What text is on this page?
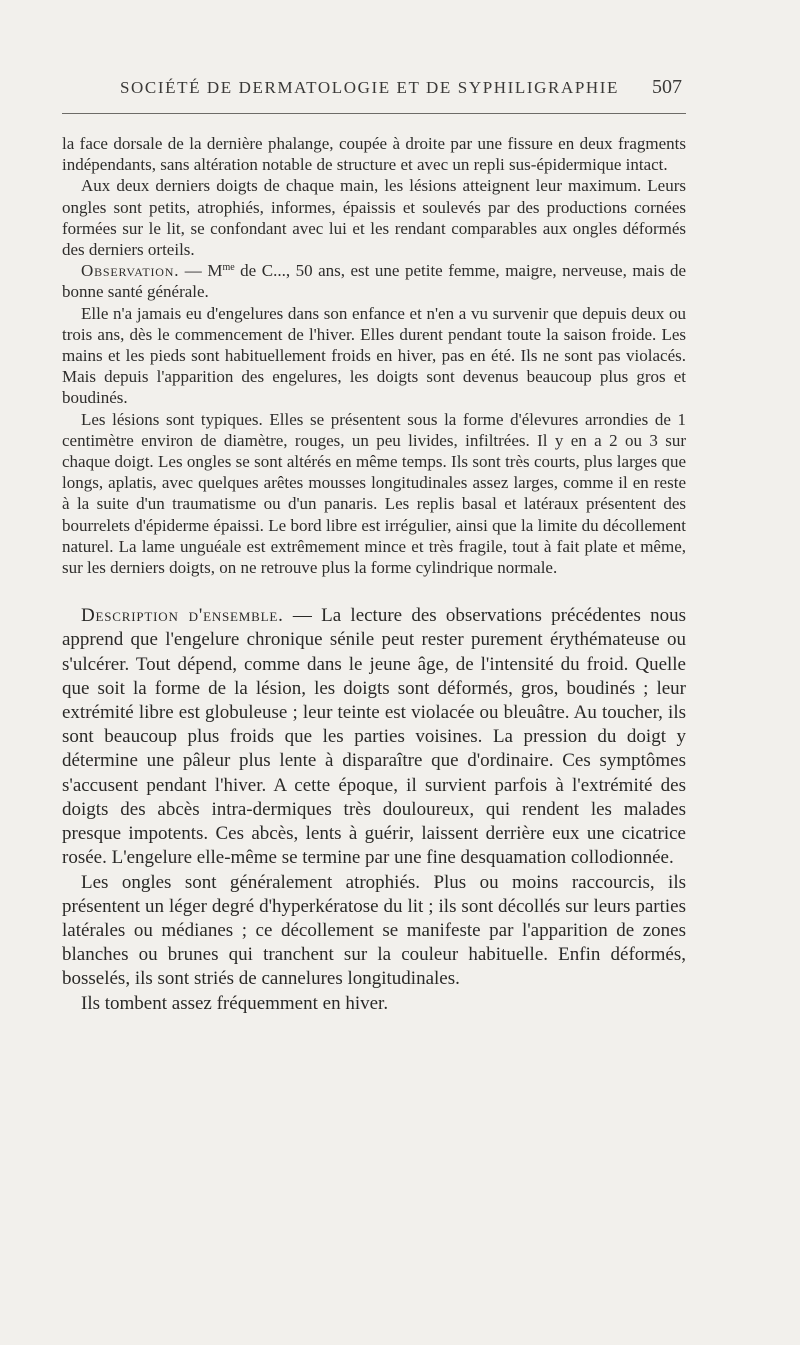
SOCIÉTÉ DE DERMATOLOGIE ET DE SYPHILIGRAPHIE 507

la face dorsale de la dernière phalange, coupée à droite par une fissure en deux fragments indépendants, sans altération notable de structure et avec un repli sus-épidermique intact.

Aux deux derniers doigts de chaque main, les lésions atteignent leur maximum. Leurs ongles sont petits, atrophiés, informes, épaissis et soulevés par des productions cornées formées sur le lit, se confondant avec lui et les rendant comparables aux ongles déformés des derniers orteils.

Observation. — $M^{me}$ de C..., 50 ans, est une petite femme, maigre, nerveuse, mais de bonne santé générale.

Elle n'a jamais eu d'engelures dans son enfance et n'en a vu survenir que depuis deux ou trois ans, dès le commencement de l'hiver. Elles durent pendant toute la saison froide. Les mains et les pieds sont habituellement froids en hiver, pas en été. Ils ne sont pas violacés. Mais depuis l'apparition des engelures, les doigts sont devenus beaucoup plus gros et boudinés.

Les lésions sont typiques. Elles se présentent sous la forme d'élevures arrondies de 1 centimètre environ de diamètre, rouges, un peu livides, infiltrées. Il y en a 2 ou 3 sur chaque doigt. Les ongles se sont altérés en même temps. Ils sont très courts, plus larges que longs, aplatis, avec quelques arêtes mousses longitudinales assez larges, comme il en reste à la suite d'un traumatisme ou d'un panaris. Les replis basal et latéraux présentent des bourrelets d'épiderme épaissi. Le bord libre est irrégulier, ainsi que la limite du décollement naturel. La lame unguéale est extrêmement mince et très fragile, tout à fait plate et même, sur les derniers doigts, on ne retrouve plus la forme cylindrique normale.

Description d'ensemble. — La lecture des observations précédentes nous apprend que l'engelure chronique sénile peut rester purement érythémateuse ou s'ulcérer. Tout dépend, comme dans le jeune âge, de l'intensité du froid. Quelle que soit la forme de la lésion, les doigts sont déformés, gros, boudinés ; leur extrémité libre est globuleuse ; leur teinte est violacée ou bleuâtre. Au toucher, ils sont beaucoup plus froids que les parties voisines. La pression du doigt y détermine une pâleur plus lente à disparaître que d'ordinaire. Ces symptômes s'accusent pendant l'hiver. A cette époque, il survient parfois à l'extrémité des doigts des abcès intra-dermiques très douloureux, qui rendent les malades presque impotents. Ces abcès, lents à guérir, laissent derrière eux une cicatrice rosée. L'engelure elle-même se termine par une fine desquamation collodionnée.

Les ongles sont généralement atrophiés. Plus ou moins raccourcis, ils présentent un léger degré d'hyperkératose du lit ; ils sont décollés sur leurs parties latérales ou médianes ; ce décollement se manifeste par l'apparition de zones blanches ou brunes qui tranchent sur la couleur habituelle. Enfin déformés, bosselés, ils sont striés de cannelures longitudinales.

Ils tombent assez fréquemment en hiver.
